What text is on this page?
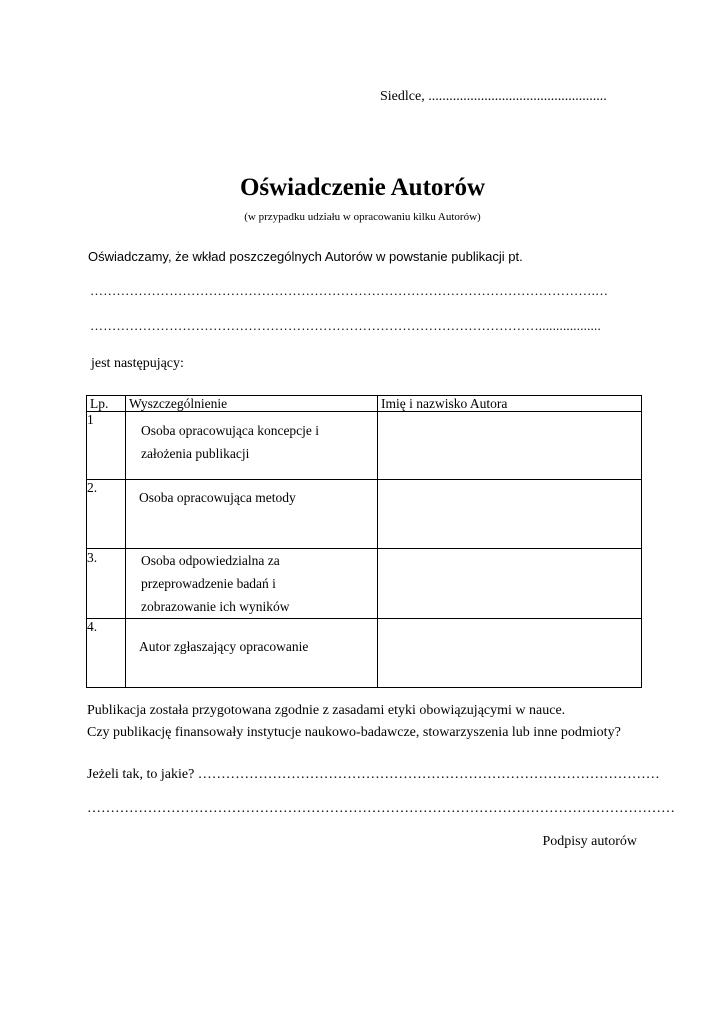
Siedlce, ...................................................
Oświadczenie Autorów
(w przypadku udziału w opracowaniu kilku Autorów)
Oświadczamy, że wkład poszczególnych Autorów w powstanie publikacji pt.
…………………………………………………………………………………………………….…
…………………………………………………………………………………………..................
jest następujący:
Lp.	Wyszczególnienie	Imię i nazwisko Autora
1	Osoba opracowująca koncepcje i
założenia publikacji	

2.	Osoba opracowująca metody	

3.	Osoba odpowiedzialna za
przeprowadzenie badań i
zobrazowanie ich wyników	

4.	Autor zgłaszający opracowanie	

Publikacja została przygotowana zgodnie z zasadami etyki obowiązującymi w nauce.
Czy publikację finansowały instytucje naukowo-badawcze, stowarzyszenia lub inne podmioty?
Jeżeli tak, to jakie? ………………………………………………………………………………………
………………………………………………………………………………………………………………
Podpisy autorów
